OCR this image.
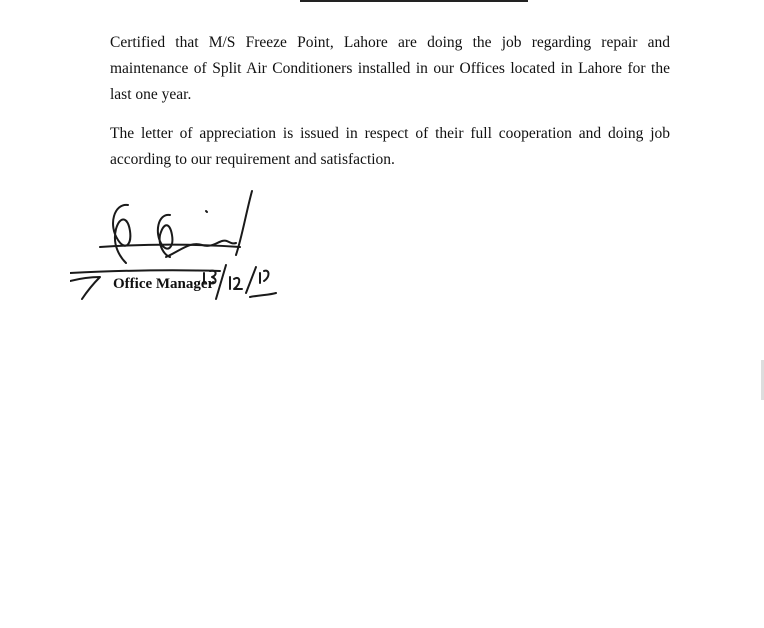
Certified that M/S Freeze Point, Lahore are doing the job regarding repair and maintenance of Split Air Conditioners installed in our Offices located in Lahore for the last one year.

The letter of appreciation is issued in respect of their full cooperation and doing job according to our requirement and satisfaction.

Office Manager
